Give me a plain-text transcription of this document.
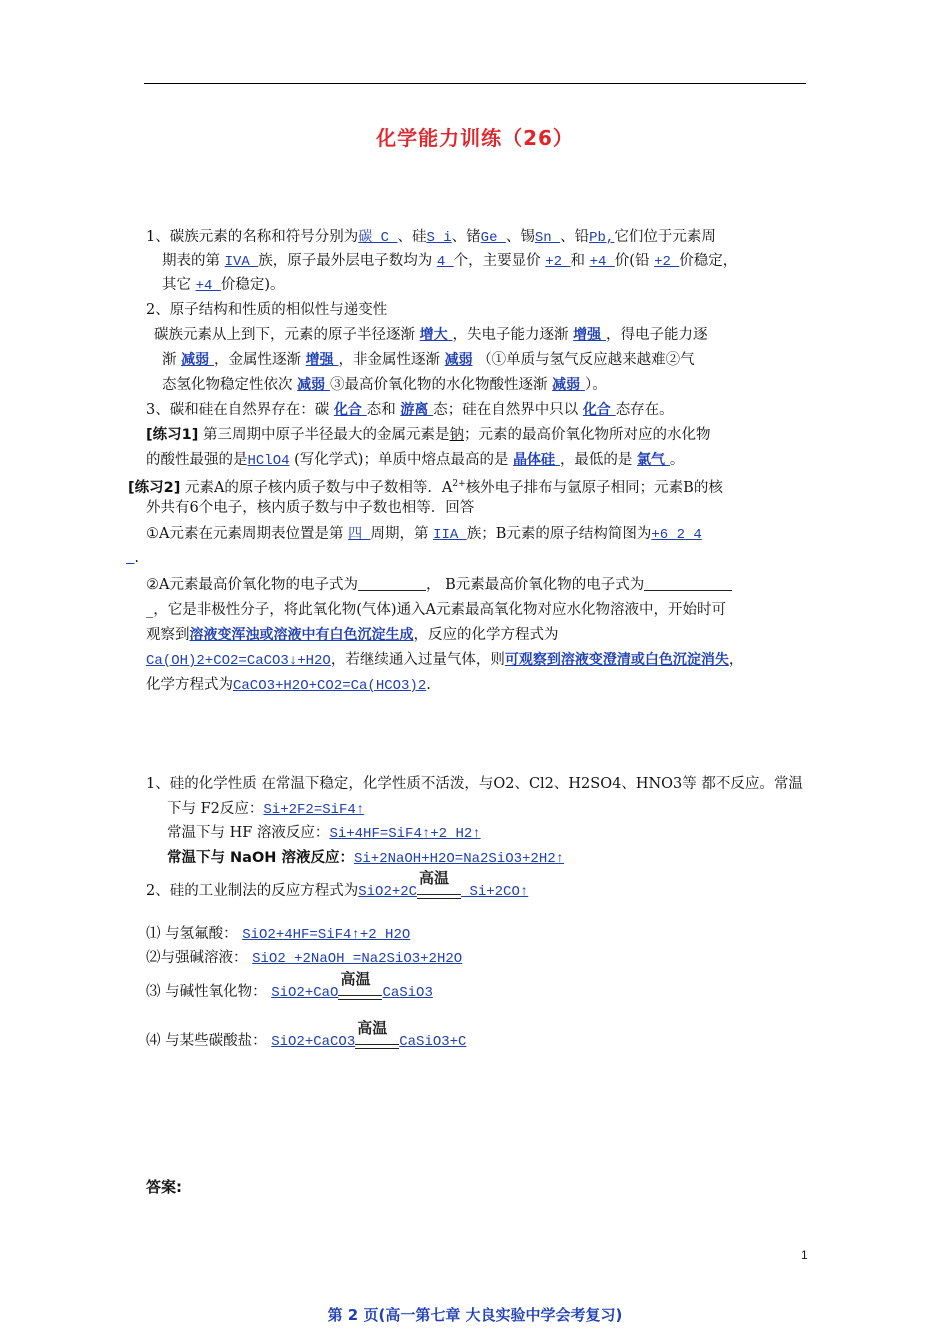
化学能力训练（26）
1、碳族元素的名称和符号分别为碳 C 、硅S i、锗Ge 、锡Sn 、铅Pb,它们位于元素周
期表的第 IVA 族，原子最外层电子数均为 4 个，主要显价 +2 和 +4 价(铅 +2 价稳定，
其它 +4 价稳定)。
2、原子结构和性质的相似性与递变性
碳族元素从上到下，元素的原子半径逐渐 增大 ，失电子能力逐渐 增强 ，得电子能力逐
渐 减弱 ，金属性逐渐 增强 ，非金属性逐渐 减弱 （①单质与氢气反应越来越难②气
态氢化物稳定性依次 减弱 ③最高价氧化物的水化物酸性逐渐 减弱 ）。
3、碳和硅在自然界存在：碳 化合 态和 游离 态；硅在自然界中只以 化合 态存在。
[练习1] 第三周期中原子半径最大的金属元素是钠；元素的最高价氧化物所对应的水化物
的酸性最强的是HClO4 (写化学式)；单质中熔点最高的是 晶体硅 ，最低的是 氯气 。
[练习2] 元素A的原子核内质子数与中子数相等．$A^{2+}$核外电子排布与氩原子相同；元素B的核
外共有6个电子，核内质子数与中子数也相等．回答
①A元素在元素周期表位置是第 四 周期，第 IIA 族；B元素的原子结构简图为+6 2 4
_.
②A元素最高价氧化物的电子式为	， B元素最高价氧化物的电子式为
_，它是非极性分子，将此氧化物(气体)通入A元素最高氧化物对应水化物溶液中，开始时可
观察到溶液变浑浊或溶液中有白色沉淀生成，反应的化学方程式为
Ca(OH)2+CO2=CaCO3↓+H2O，若继续通入过量气体，则可观察到溶液变澄清或白色沉淀消失，
化学方程式为CaCO3+H2O+CO2=Ca(HCO3)2.
1、硅的化学性质 在常温下稳定，化学性质不活泼，与O2、Cl2、H2SO4、HNO3等 都不反应。常温
下与 F2反应：Si+2F2=SiF4↑
常温下与 HF 溶液反应：Si+4HF=SiF4↑+2 H2↑
常温下与 NaOH 溶液反应：Si+2NaOH+H2O=Na2SiO3+2H2↑
2、硅的工业制法的反应方程式为SiO2+2C
高温
Si+2CO↑
⑴ 与氢氟酸： SiO2+4HF=SiF4↑+2 H2O
⑵与强碱溶液： SiO2 +2NaOH =Na2SiO3+2H2O
⑶ 与碱性氧化物： SiO2+CaO
高温
CaSiO3
⑷ 与某些碳酸盐： SiO2+CaCO3
高温
CaSiO3+C
答案:
1
第 2 页(高一第七章 大良实验中学会考复习)
